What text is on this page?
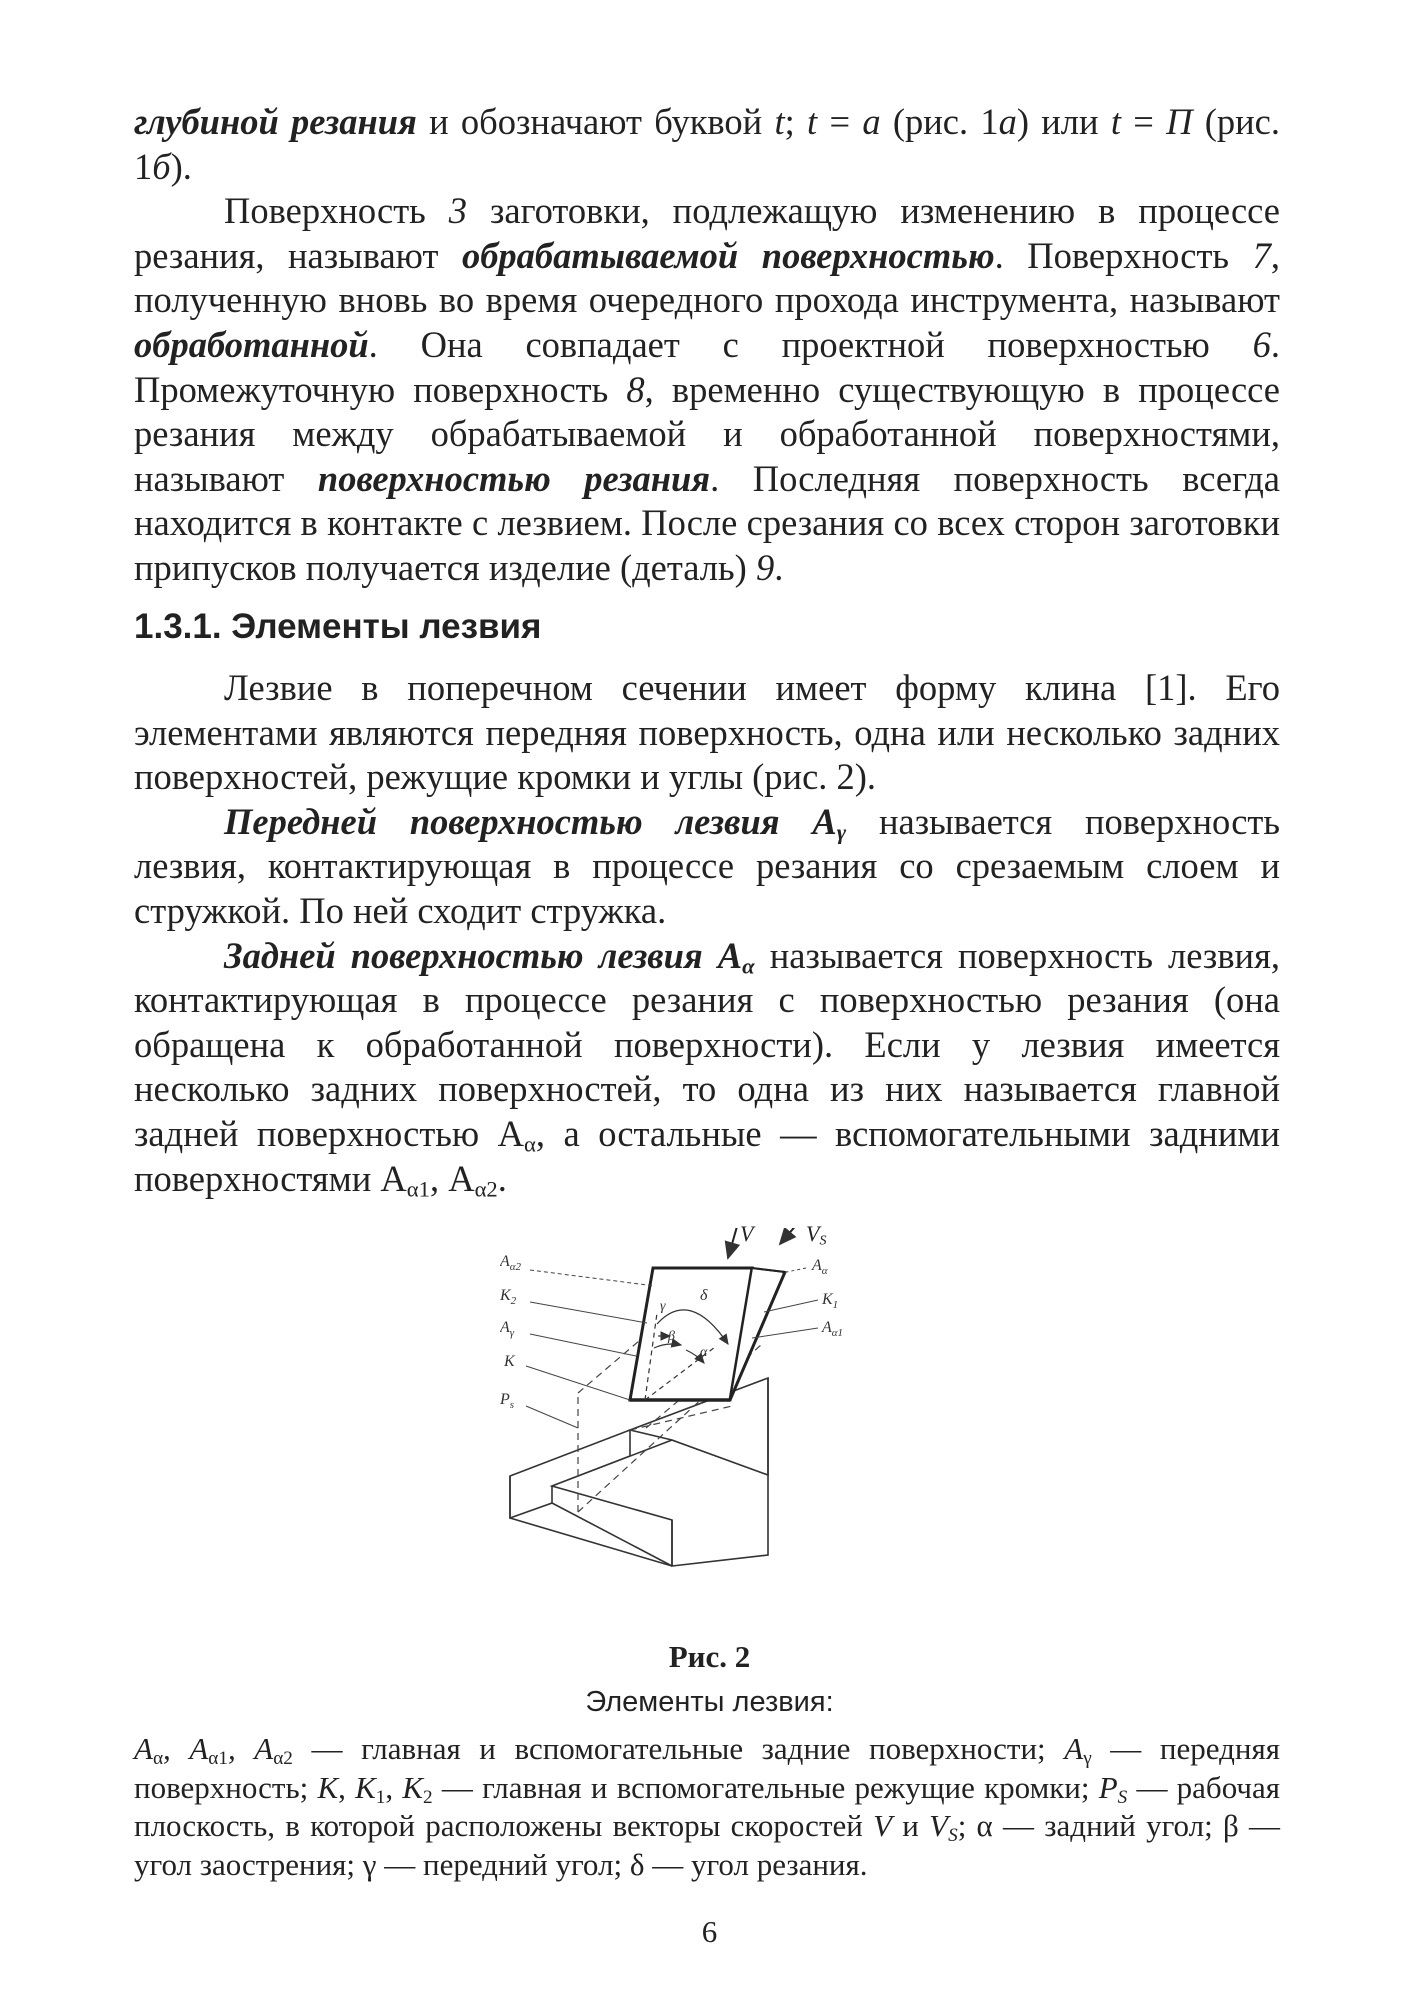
глубиной резания и обозначают буквой t; t = a (рис. 1а) или t = П (рис. 1б).

Поверхность 3 заготовки, подлежащую изменению в процессе резания, называют обрабатываемой поверхностью. Поверхность 7, полученную вновь во время очередного прохода инструмента, называют обработанной. Она совпадает с проектной поверхностью 6. Промежуточную поверхность 8, временно существующую в процессе резания между обрабатываемой и обработанной поверхностями, называют поверхностью резания. Последняя поверхность всегда находится в контакте с лезвием. После срезания со всех сторон заготовки припусков получается изделие (деталь) 9.

1.3.1. Элементы лезвия

Лезвие в поперечном сечении имеет форму клина [1]. Его элементами являются передняя поверхность, одна или несколько задних поверхностей, режущие кромки и углы (рис. 2).

Передней поверхностью лезвия $A_\gamma$ называется поверхность лезвия, контактирующая в процессе резания со срезаемым слоем и стружкой. По ней сходит стружка.

Задней поверхностью лезвия $A_\alpha$ называется поверхность лезвия, контактирующая в процессе резания с поверхностью резания (она обращена к обработанной поверхности). Если у лезвия имеется несколько задних поверхностей, то одна из них называется главной задней поверхностью $A_\alpha$, а остальные — вспомогательными задними поверхностями $A_{\alpha 1}$, $A_{\alpha 2}$.

$A_{\alpha 2}$
$K_2$
$A_\gamma$
K
$P_s$
$A_\alpha$
$K_1$
$A_{\alpha 1}$
γ
δ
β
α
V $V_S$
Рис. 2
Элементы лезвия:
$A_\alpha$, $A_{\alpha 1}$, $A_{\alpha 2}$ — главная и вспомогательные задние поверхности; $A_\gamma$ — передняя поверхность; K, $K_1$, $K_2$ — главная и вспомогательные режущие кромки; $P_S$ — рабочая плоскость, в которой расположены векторы скоростей V и $V_S$; α — задний угол; β — угол заострения; γ — передний угол; δ — угол резания.
6
